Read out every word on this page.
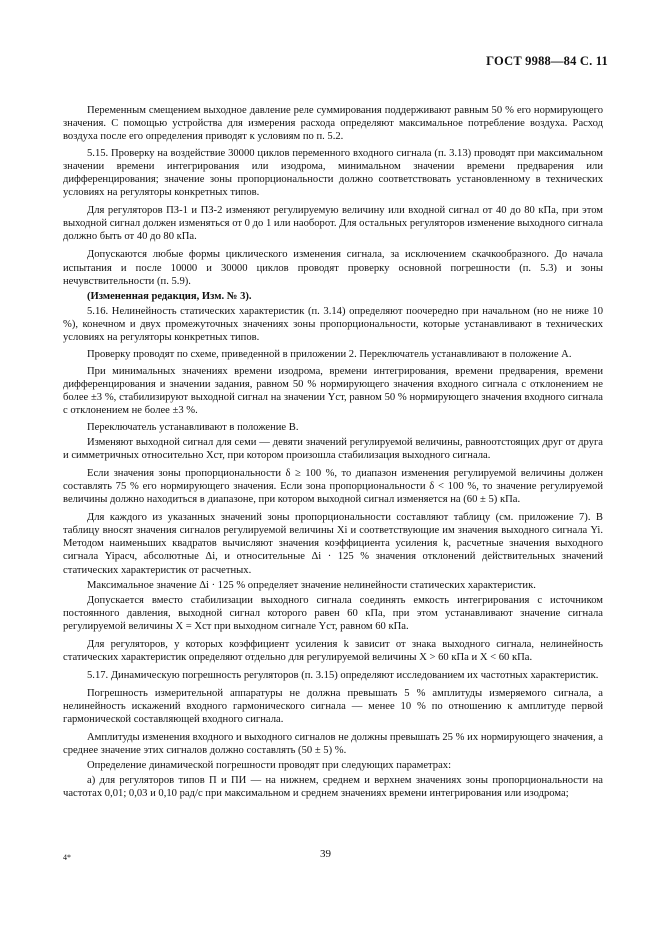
ГОСТ 9988—84 С. 11

Переменным смещением выходное давление реле суммирования поддерживают равным 50 % его нормирующего значения. С помощью устройства для измерения расхода определяют максимальное потребление воздуха. Расход воздуха после его определения приводят к условиям по п. 5.2.

5.15. Проверку на воздействие 30000 циклов переменного входного сигнала (п. 3.13) проводят при максимальном значении времени интегрирования или изодрома, минимальном значении времени предварения или дифференцирования; значение зоны пропорциональности должно соответствовать установленному в технических условиях на регуляторы конкретных типов.

Для регуляторов ПЗ-1 и ПЗ-2 изменяют регулируемую величину или входной сигнал от 40 до 80 кПа, при этом выходной сигнал должен изменяться от 0 до 1 или наоборот. Для остальных регуляторов изменение выходного сигнала должно быть от 40 до 80 кПа.

Допускаются любые формы циклического изменения сигнала, за исключением скачкообразного. До начала испытания и после 10000 и 30000 циклов проводят проверку основной погрешности (п. 5.3) и зоны нечувствительности (п. 5.9).

(Измененная редакция, Изм. № 3).

5.16. Нелинейность статических характеристик (п. 3.14) определяют поочередно при начальном (но не ниже 10 %), конечном и двух промежуточных значениях зоны пропорциональности, которые устанавливают в технических условиях на регуляторы конкретных типов.

Проверку проводят по схеме, приведенной в приложении 2. Переключатель устанавливают в положение A.

При минимальных значениях времени изодрома, времени интегрирования, времени предварения, времени дифференцирования и значении задания, равном 50 % нормирующего значения входного сигнала с отклонением не более ±3 %, стабилизируют выходной сигнал на значении Yст, равном 50 % нормирующего значения входного сигнала с отклонением не более ±3 %.

Переключатель устанавливают в положение B.

Изменяют выходной сигнал для семи — девяти значений регулируемой величины, равноотстоящих друг от друга и симметричных относительно Xст, при котором произошла стабилизация выходного сигнала.

Если значения зоны пропорциональности δ ≥ 100 %, то диапазон изменения регулируемой величины должен составлять 75 % его нормирующего значения. Если зона пропорциональности δ < 100 %, то значение регулируемой величины должно находиться в диапазоне, при котором выходной сигнал изменяется на (60 ± 5) кПа.

Для каждого из указанных значений зоны пропорциональности составляют таблицу (см. приложение 7). В таблицу вносят значения сигналов регулируемой величины Xi и соответствующие им значения выходного сигнала Yi. Методом наименьших квадратов вычисляют значения коэффициента усиления k, расчетные значения выходного сигнала Yiрасч, абсолютные Δi, и относительные Δi · 125 % значения отклонений действительных значений статических характеристик от расчетных.

Максимальное значение Δi · 125 % определяет значение нелинейности статических характеристик.

Допускается вместо стабилизации выходного сигнала соединять емкость интегрирования с источником постоянного давления, выходной сигнал которого равен 60 кПа, при этом устанавливают значение сигнала регулируемой величины X = Xст при выходном сигнале Yст, равном 60 кПа.

Для регуляторов, у которых коэффициент усиления k зависит от знака выходного сигнала, нелинейность статических характеристик определяют отдельно для регулируемой величины X > 60 кПа и X < 60 кПа.

5.17. Динамическую погрешность регуляторов (п. 3.15) определяют исследованием их частотных характеристик.

Погрешность измерительной аппаратуры не должна превышать 5 % амплитуды измеряемого сигнала, а нелинейность искажений входного гармонического сигнала — менее 10 % по отношению к амплитуде первой гармонической составляющей входного сигнала.

Амплитуды изменения входного и выходного сигналов не должны превышать 25 % их нормирующего значения, а среднее значение этих сигналов должно составлять (50 ± 5) %.

Определение динамической погрешности проводят при следующих параметрах:

а) для регуляторов типов П и ПИ — на нижнем, среднем и верхнем значениях зоны пропорциональности на частотах 0,01; 0,03 и 0,10 рад/с при максимальном и среднем значениях времени интегрирования или изодрома;

4*	39
